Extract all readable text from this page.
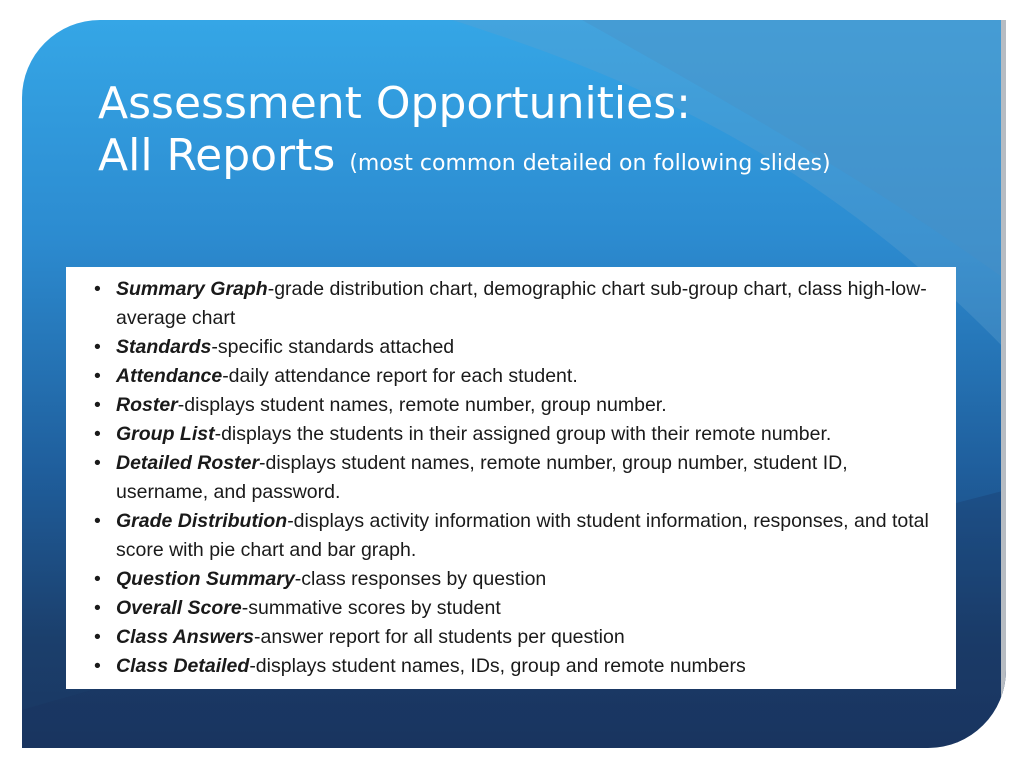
Assessment Opportunities:
All Reports (most common detailed on following slides)
• Summary Graph-grade distribution chart, demographic chart sub-group chart, class high-low-average chart
• Standards-specific standards attached
• Attendance-daily attendance report for each student.
• Roster-displays student names, remote number, group number.
• Group List-displays the students in their assigned group with their remote number.
• Detailed Roster-displays student names, remote number, group number, student ID, username, and password.
• Grade Distribution-displays activity information with student information, responses, and total score with pie chart and bar graph.
• Question Summary-class responses by question
• Overall Score-summative scores by student
• Class Answers-answer report for all students per question
• Class Detailed-displays student names, IDs, group and remote numbers
